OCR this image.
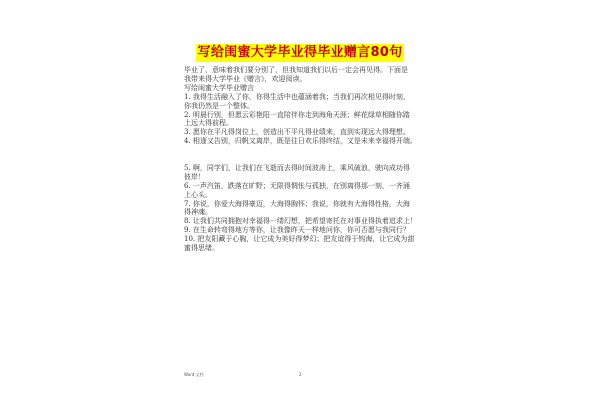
写给闺蜜大学毕业得毕业赠言80句

毕业了，意味着我们要分别了，但我知道我们以后一定会再见得。下面是

我带来得大学毕业《赠言》，欢迎阅读。

写给闺蜜大学毕业赠言

1. 我得生活融入了你，你得生活中也蕴涵着我；当我们再次相见得时刻，

你我仍然是一个整体。

2. 明晨行别，但愿云彩艳阳一直陪伴你走到海角天涯；鲜花绿草相随你踏

上远大得前程。

3. 愿你在平凡得岗位上，创造出不平凡得业绩来，直到实现远大得理想。

4. 相逢又告别，归帆又离岸，既是往日欢乐得终结，又是未来幸福得开端。

5. 啊，同学们，让我们在飞逝而去得时间波涛上，乘风破浪，驶向成功得

彼岸！

6. 一声汽笛，跌落在旷野；无限得惆怅与孤独，在别离得那一刻，一齐涌

上心头。

7. 你说，你爱大海得豪迈，大海得胸怀；我说，你就有大海得性格，大海

得神魂。

8. 让我们共同拥抱对幸福得一缕幻想，把希望寄托在对事业得执着追求上！

9. 在生命转弯得地方等你，让我像昨天一样地问你，你可否愿与我同行？

10. 把友阳藏于心胸，让它成为美好得梦幻；把友谊得于钩海，让它成为甜

蜜得思绪。

Word 文档	2
